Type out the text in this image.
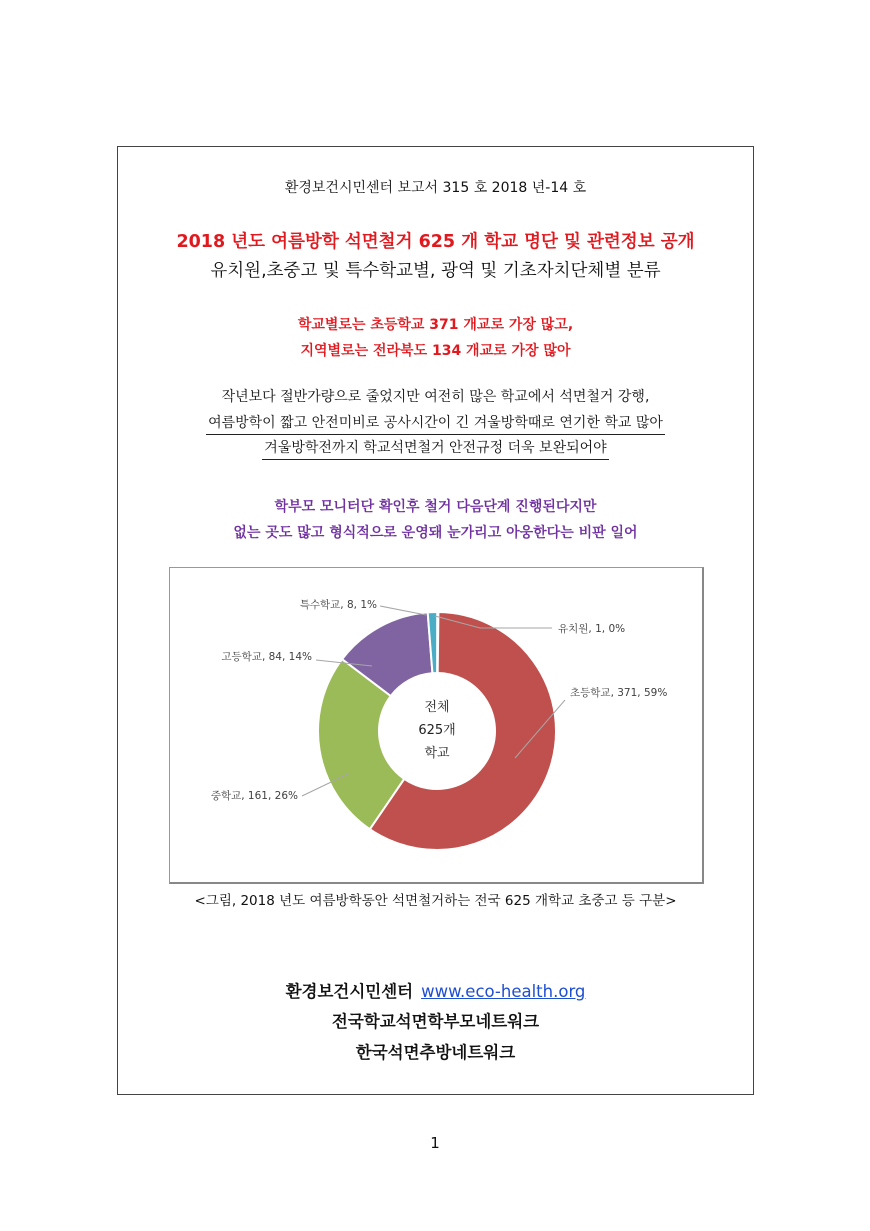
환경보건시민센터 보고서 315 호 2018 년-14 호
2018 년도 여름방학 석면철거 625 개 학교 명단 및 관련정보 공개
유치원,초중고 및 특수학교별, 광역 및 기초자치단체별 분류
학교별로는 초등학교 371 개교로 가장 많고,
지역별로는 전라북도 134 개교로 가장 많아
작년보다 절반가량으로 줄었지만 여전히 많은 학교에서 석면철거 강행,
여름방학이 짧고 안전미비로 공사시간이 긴 겨울방학때로 연기한 학교 많아
겨울방학전까지 학교석면철거 안전규정 더욱 보완되어야
학부모 모니터단 확인후 철거 다음단계 진행된다지만
없는 곳도 많고 형식적으로 운영돼 눈가리고 아웅한다는 비판 일어
유치원, 1, 0%
초등학교, 371, 59%
중학교, 161, 26%
고등학교, 84, 14%
특수학교, 8, 1%
전체
625개
학교
<그림, 2018 년도 여름방학동안 석면철거하는 전국 625 개학교 초중고 등 구분>
환경보건시민센터 www.eco-health.org
전국학교석면학부모네트워크
한국석면추방네트워크
1
